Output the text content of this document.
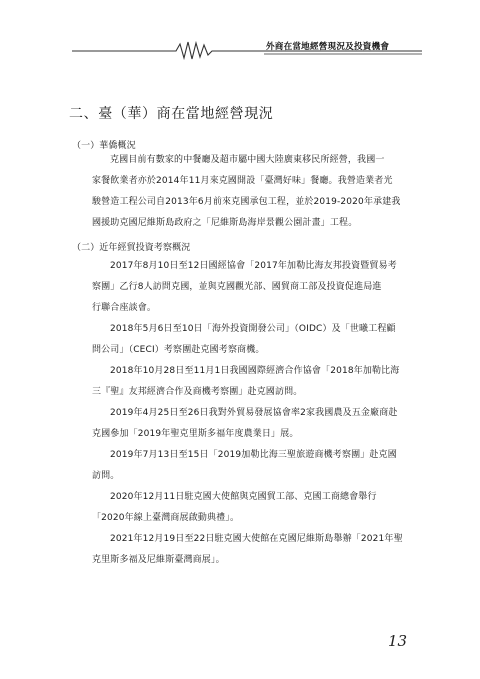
外商在當地經營現況及投資機會
二、臺（華）商在當地經營現況
（一）華僑概況
克國目前有數家的中餐廳及超市屬中國大陸廣東移民所經營，我國一
家餐飲業者亦於2014年11月來克國開設「臺灣好味」餐廳。我營造業者光
駿營造工程公司自2013年6月前來克國承包工程，並於2019-2020年承建我
國援助克國尼維斯島政府之「尼維斯島海岸景觀公園計畫」工程。
（二）近年經貿投資考察概況
2017年8月10日至12日國經協會「2017年加勒比海友邦投資暨貿易考
察團」乙行8人訪問克國，並與克國觀光部、國貿商工部及投資促進局進
行聯合座談會。
2018年5月6日至10日「海外投資開發公司」（OIDC）及「世曦工程顧
問公司」（CECI）考察團赴克國考察商機。
2018年10月28日至11月1日我國國際經濟合作協會「2018年加勒比海
三『聖』友邦經濟合作及商機考察團」赴克國訪問。
2019年4月25日至26日我對外貿易發展協會率2家我國農及五金廠商赴
克國參加「2019年聖克里斯多福年度農業日」展。
2019年7月13日至15日「2019加勒比海三聖旅遊商機考察團」赴克國
訪問。
2020年12月11日駐克國大使館與克國貿工部、克國工商總會舉行
「2020年線上臺灣商展啟動典禮」。
2021年12月19日至22日駐克國大使館在克國尼維斯島舉辦「2021年聖
克里斯多福及尼維斯臺灣商展」。
13
